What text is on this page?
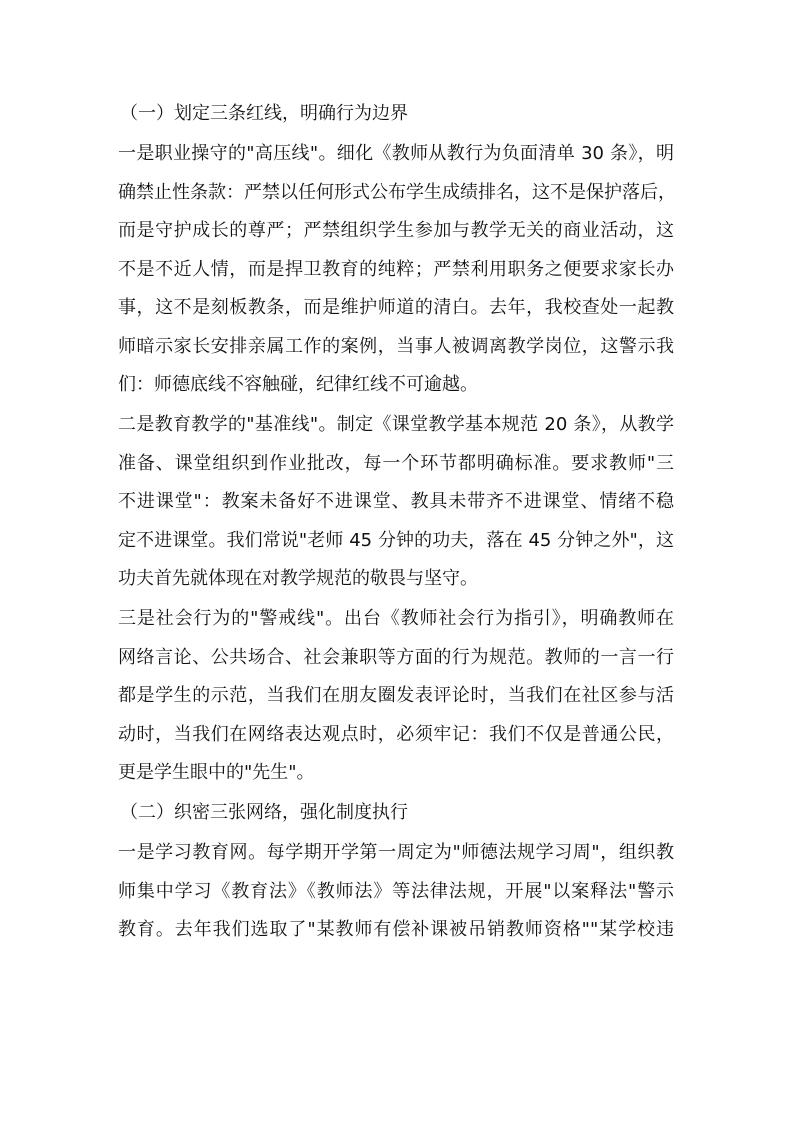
（一）划定三条红线，明确行为边界
一是职业操守的"高压线"。细化《教师从教行为负面清单 30 条》，明
确禁止性条款：严禁以任何形式公布学生成绩排名，这不是保护落后，
而是守护成长的尊严；严禁组织学生参加与教学无关的商业活动，这
不是不近人情，而是捍卫教育的纯粹；严禁利用职务之便要求家长办
事，这不是刻板教条，而是维护师道的清白。去年，我校查处一起教
师暗示家长安排亲属工作的案例，当事人被调离教学岗位，这警示我
们：师德底线不容触碰，纪律红线不可逾越。
二是教育教学的"基准线"。制定《课堂教学基本规范 20 条》，从教学
准备、课堂组织到作业批改，每一个环节都明确标准。要求教师"三
不进课堂"：教案未备好不进课堂、教具未带齐不进课堂、情绪不稳
定不进课堂。我们常说"老师 45 分钟的功夫，落在 45 分钟之外"，这
功夫首先就体现在对教学规范的敬畏与坚守。
三是社会行为的"警戒线"。出台《教师社会行为指引》，明确教师在
网络言论、公共场合、社会兼职等方面的行为规范。教师的一言一行
都是学生的示范，当我们在朋友圈发表评论时，当我们在社区参与活
动时，当我们在网络表达观点时，必须牢记：我们不仅是普通公民，
更是学生眼中的"先生"。
（二）织密三张网络，强化制度执行
一是学习教育网。每学期开学第一周定为"师德法规学习周"，组织教
师集中学习《教育法》《教师法》等法律法规，开展"以案释法"警示
教育。去年我们选取了"某教师有偿补课被吊销教师资格""某学校违
